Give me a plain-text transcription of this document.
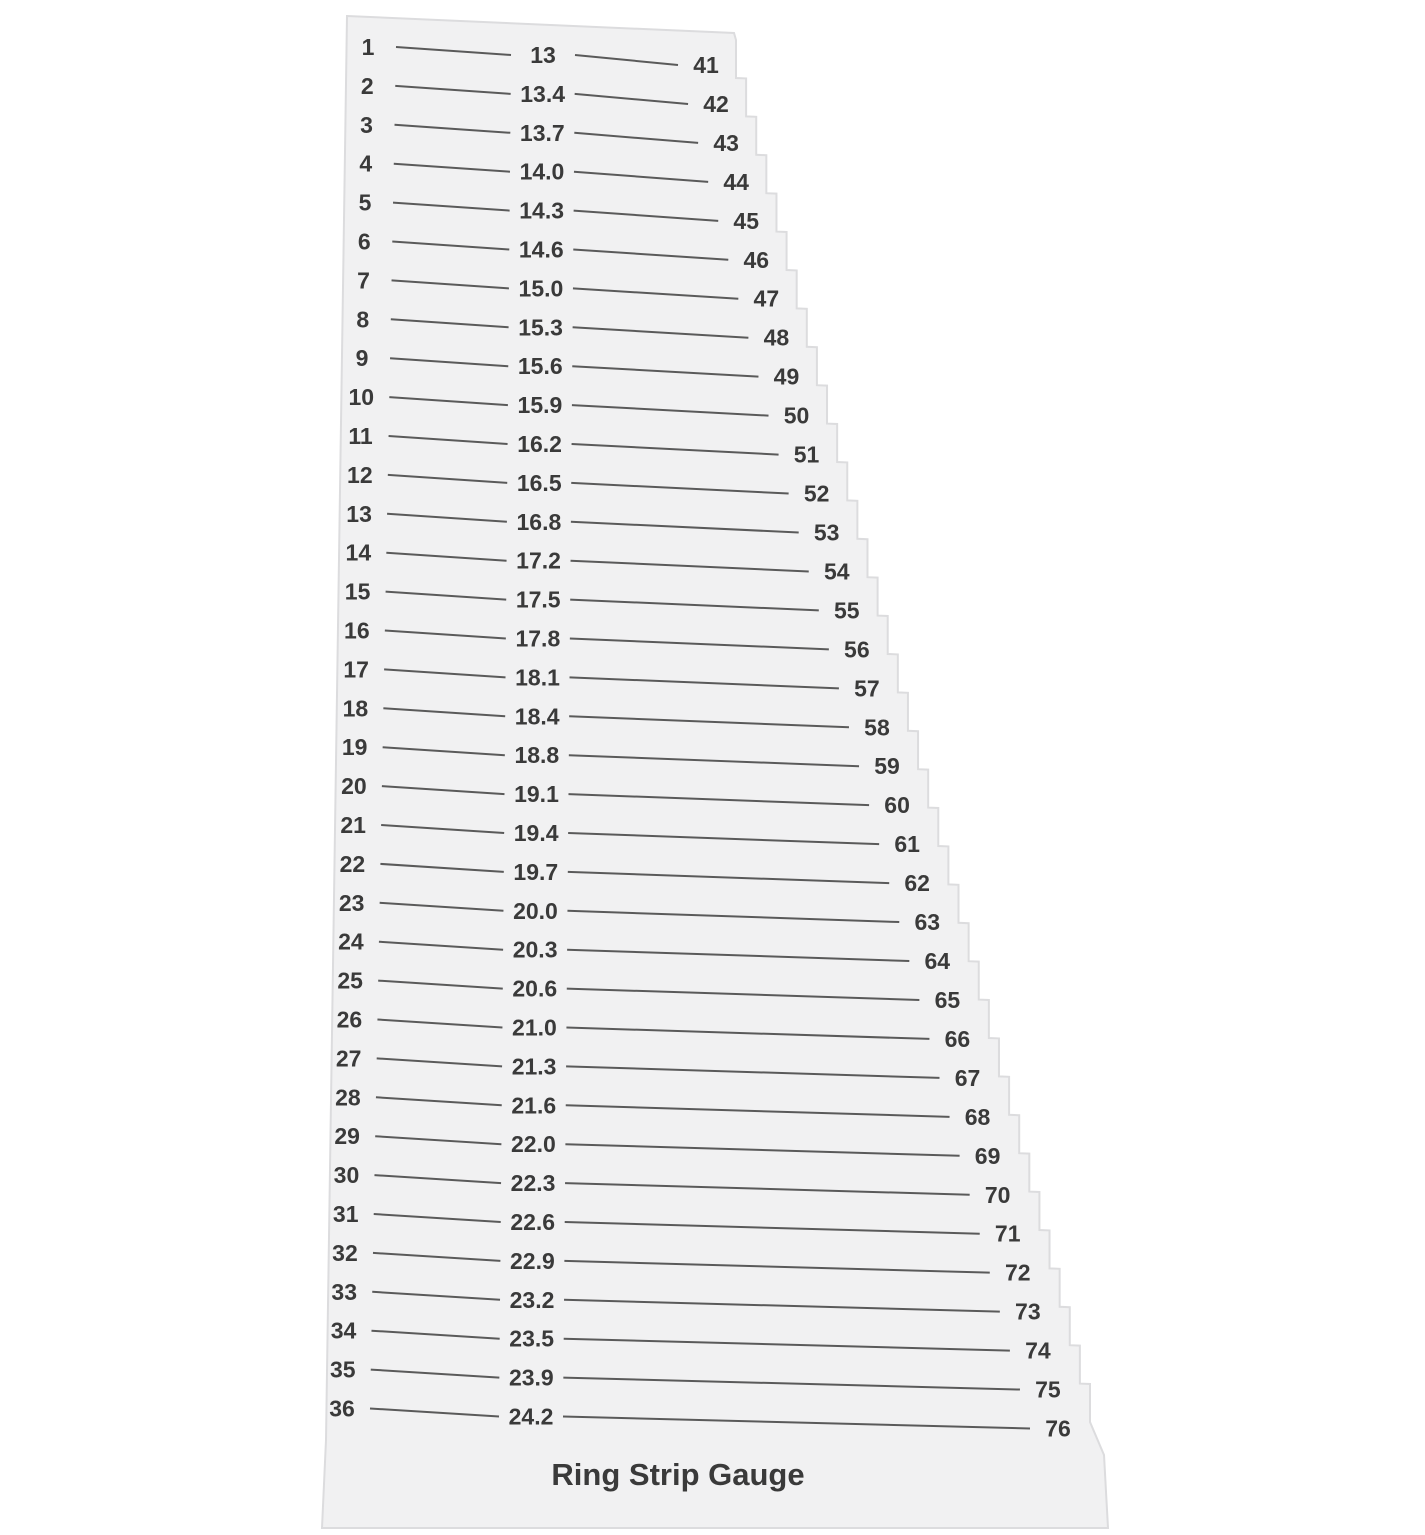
1	13	41
2	13.4	42
3	13.7	43
4	14.0	44
5	14.3	45
6	14.6	46
7	15.0	47
8	15.3	48
9	15.6	49
10	15.9	50
11	16.2	51
12	16.5	52
13	16.8	53
14	17.2	54
15	17.5	55
16	17.8	56
17	18.1	57
18	18.4	58
19	18.8	59
20	19.1	60
21	19.4	61
22	19.7	62
23	20.0	63
24	20.3	64
25	20.6	65
26	21.0	66
27	21.3	67
28	21.6	68
29	22.0	69
30	22.3	70
31	22.6	71
32	22.9	72
33	23.2	73
34	23.5	74
35	23.9	75
36	24.2	76
Ring Strip Gauge
